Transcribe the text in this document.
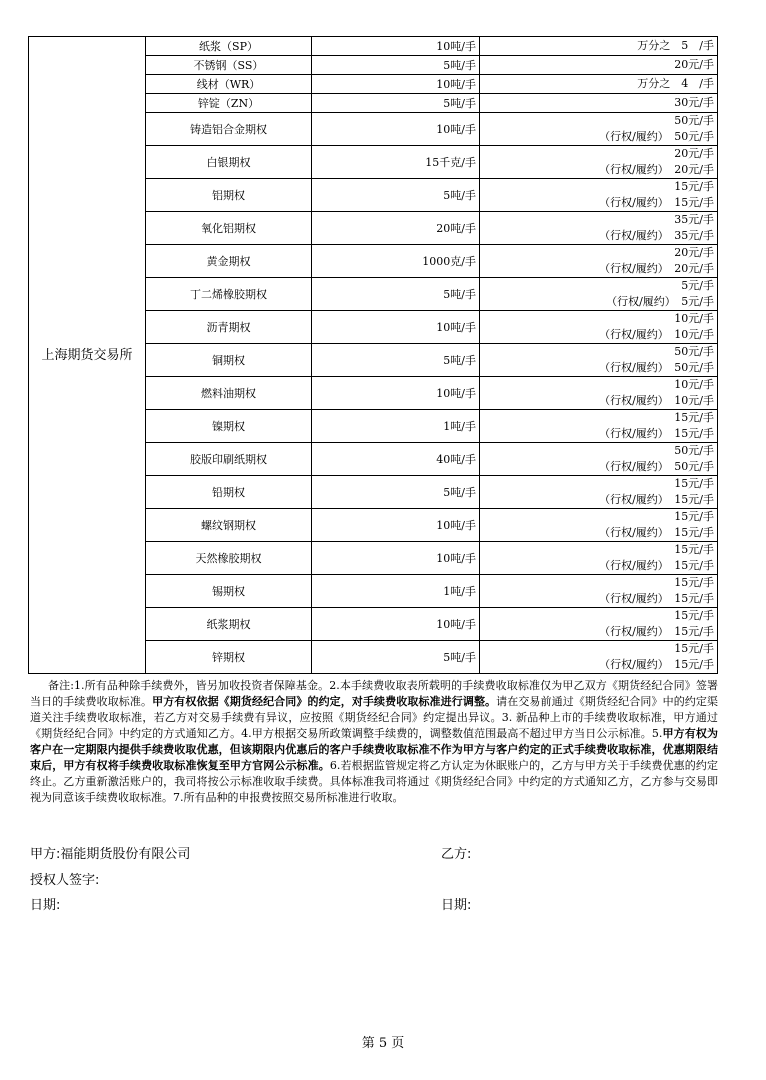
上海期货交易所	纸浆（SP）	10吨/手	万分之　5　/手

	不锈钢（SS）	5吨/手	20元/手

	线材（WR）	10吨/手	万分之　4　/手

	锌锭（ZN）	5吨/手	30元/手

	铸造铝合金期权	10吨/手	50元/手
（行权/履约）　50元/手

	白银期权	15千克/手	20元/手
（行权/履约）　20元/手

	铝期权	5吨/手	15元/手
（行权/履约）　15元/手

	氧化铝期权	20吨/手	35元/手
（行权/履约）　35元/手

	黄金期权	1000克/手	20元/手
（行权/履约）　20元/手

	丁二烯橡胶期权	5吨/手	5元/手
（行权/履约）　5元/手

	沥青期权	10吨/手	10元/手
（行权/履约）　10元/手

	铜期权	5吨/手	50元/手
（行权/履约）　50元/手

	燃料油期权	10吨/手	10元/手
（行权/履约）　10元/手

	镍期权	1吨/手	15元/手
（行权/履约）　15元/手

	胶版印刷纸期权	40吨/手	50元/手
（行权/履约）　50元/手

	铅期权	5吨/手	15元/手
（行权/履约）　15元/手

	螺纹钢期权	10吨/手	15元/手
（行权/履约）　15元/手

	天然橡胶期权	10吨/手	15元/手
（行权/履约）　15元/手

	锡期权	1吨/手	15元/手
（行权/履约）　15元/手

	纸浆期权	10吨/手	15元/手
（行权/履约）　15元/手

	锌期权	5吨/手	15元/手
（行权/履约）　15元/手
备注:1.所有品种除手续费外，皆另加收投资者保障基金。2.本手续费收取表所载明的手续费收取标准仅为甲乙双方《期货经纪合同》签署当日的手续费收取标准。甲方有权依据《期货经纪合同》的约定，对手续费收取标准进行调整。请在交易前通过《期货经纪合同》中的约定渠道关注手续费收取标准，若乙方对交易手续费有异议，应按照《期货经纪合同》约定提出异议。3. 新品种上市的手续费收取标准，甲方通过《期货经纪合同》中约定的方式通知乙方。4.甲方根据交易所政策调整手续费的，调整数值范围最高不超过甲方当日公示标准。5.甲方有权为客户在一定期限内提供手续费收取优惠，但该期限内优惠后的客户手续费收取标准不作为甲方与客户约定的正式手续费收取标准，优惠期限结束后，甲方有权将手续费收取标准恢复至甲方官网公示标准。6.若根据监管规定将乙方认定为休眠账户的，乙方与甲方关于手续费优惠的约定终止。乙方重新激活账户的，我司将按公示标准收取手续费。具体标准我司将通过《期货经纪合同》中约定的方式通知乙方，乙方参与交易即视为同意该手续费收取标准。7.所有品种的申报费按照交易所标准进行收取。
甲方:福能期货股份有限公司	乙方:
授权人签字:
日期:	日期:
第 5 页
